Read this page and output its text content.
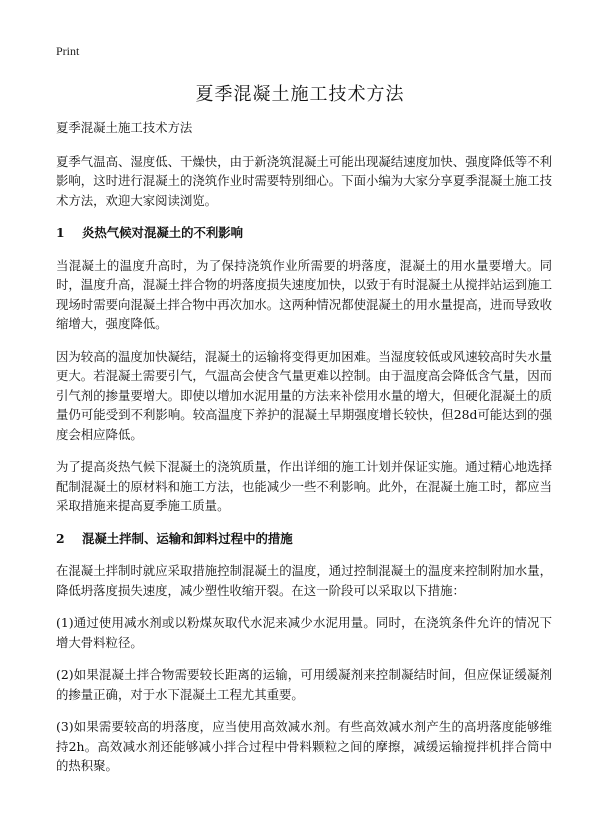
Print
夏季混凝土施工技术方法

夏季混凝土施工技术方法

夏季气温高、湿度低、干燥快，由于新浇筑混凝土可能出现凝结速度加快、强度降低等不利影响，这时进行混凝土的浇筑作业时需要特别细心。下面小编为大家分享夏季混凝土施工技术方法，欢迎大家阅读浏览。

1 炎热气候对混凝土的不利影响

当混凝土的温度升高时，为了保持浇筑作业所需要的坍落度，混凝土的用水量要增大。同时，温度升高，混凝土拌合物的坍落度损失速度加快，以致于有时混凝土从搅拌站运到施工现场时需要向混凝土拌合物中再次加水。这两种情况都使混凝土的用水量提高，进而导致收缩增大，强度降低。

因为较高的温度加快凝结，混凝土的运输将变得更加困难。当湿度较低或风速较高时失水量更大。若混凝土需要引气，气温高会使含气量更难以控制。由于温度高会降低含气量，因而引气剂的掺量要增大。即使以增加水泥用量的方法来补偿用水量的增大，但硬化混凝土的质量仍可能受到不利影响。较高温度下养护的混凝土早期强度增长较快，但28d可能达到的强度会相应降低。

为了提高炎热气候下混凝土的浇筑质量，作出详细的施工计划并保证实施。通过精心地选择配制混凝土的原材料和施工方法，也能减少一些不利影响。此外，在混凝土施工时，都应当采取措施来提高夏季施工质量。

2 混凝土拌制、运输和卸料过程中的措施

在混凝土拌制时就应采取措施控制混凝土的温度，通过控制混凝土的温度来控制附加水量，降低坍落度损失速度，减少塑性收缩开裂。在这一阶段可以采取以下措施：

(1)通过使用减水剂或以粉煤灰取代水泥来减少水泥用量。同时，在浇筑条件允许的情况下增大骨料粒径。

(2)如果混凝土拌合物需要较长距离的运输，可用缓凝剂来控制凝结时间，但应保证缓凝剂的掺量正确，对于水下混凝土工程尤其重要。

(3)如果需要较高的坍落度，应当使用高效减水剂。有些高效减水剂产生的高坍落度能够维持2h。高效减水剂还能够减小拌合过程中骨料颗粒之间的摩擦，减缓运输搅拌机拌合筒中的热积聚。
